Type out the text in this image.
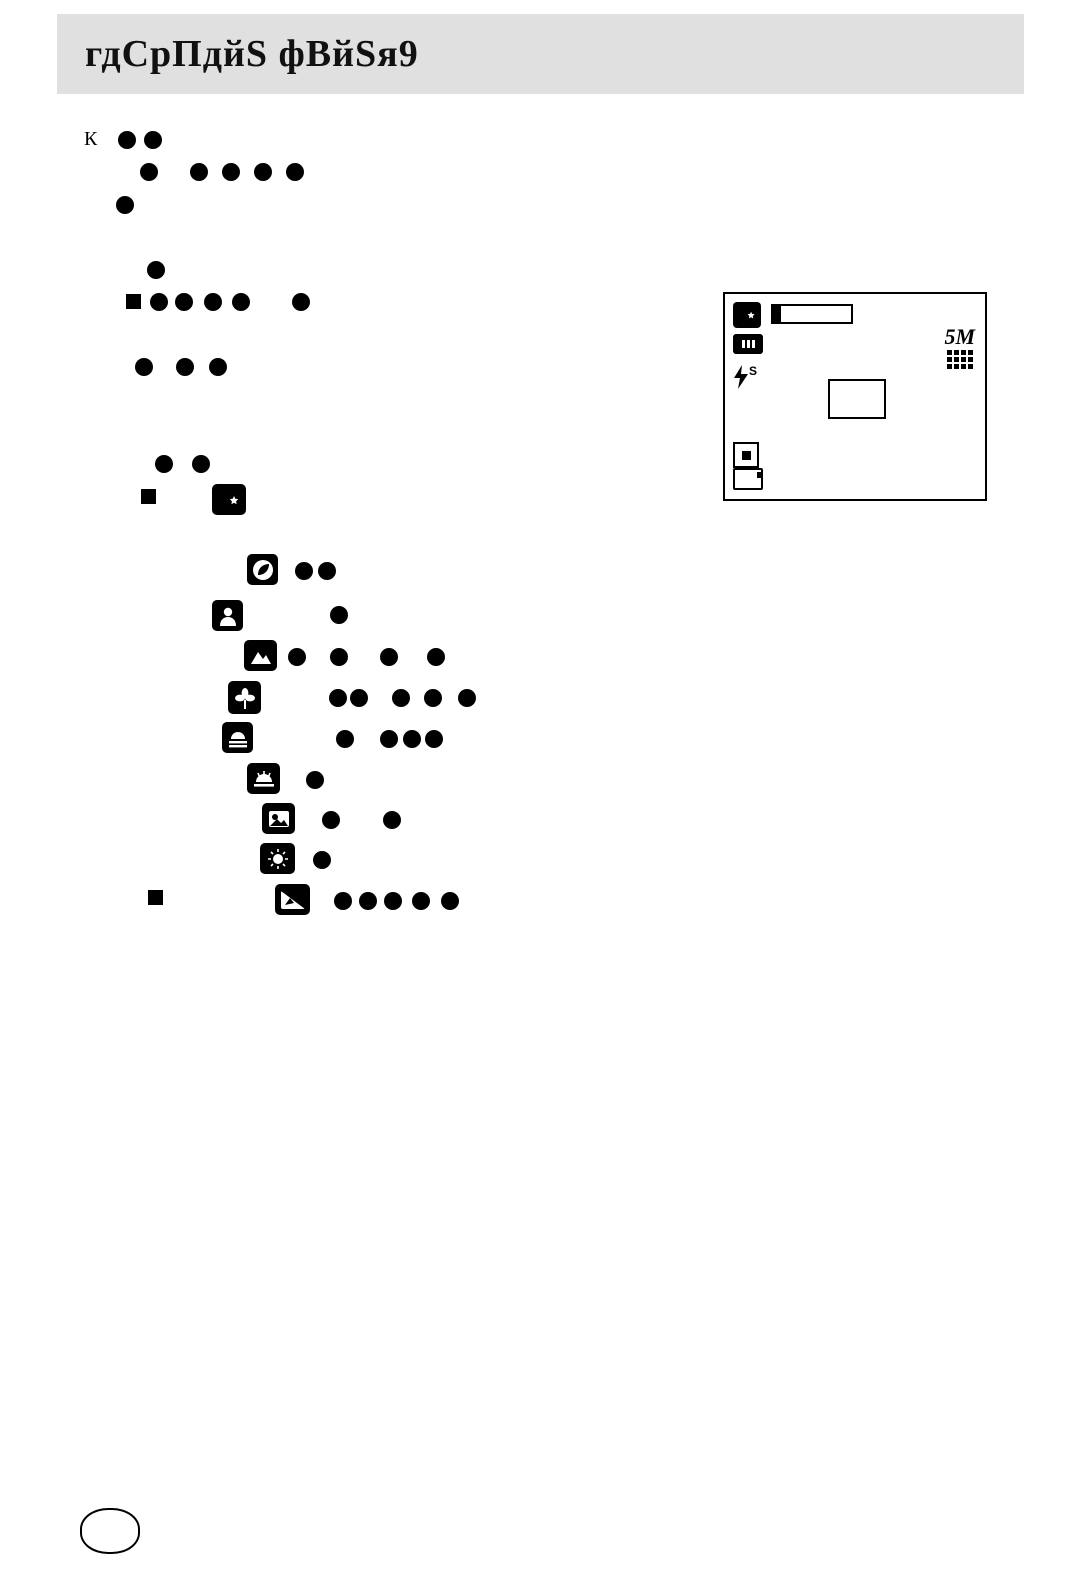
гдСрПдйS фВйSя9
К
$^S$
5M
